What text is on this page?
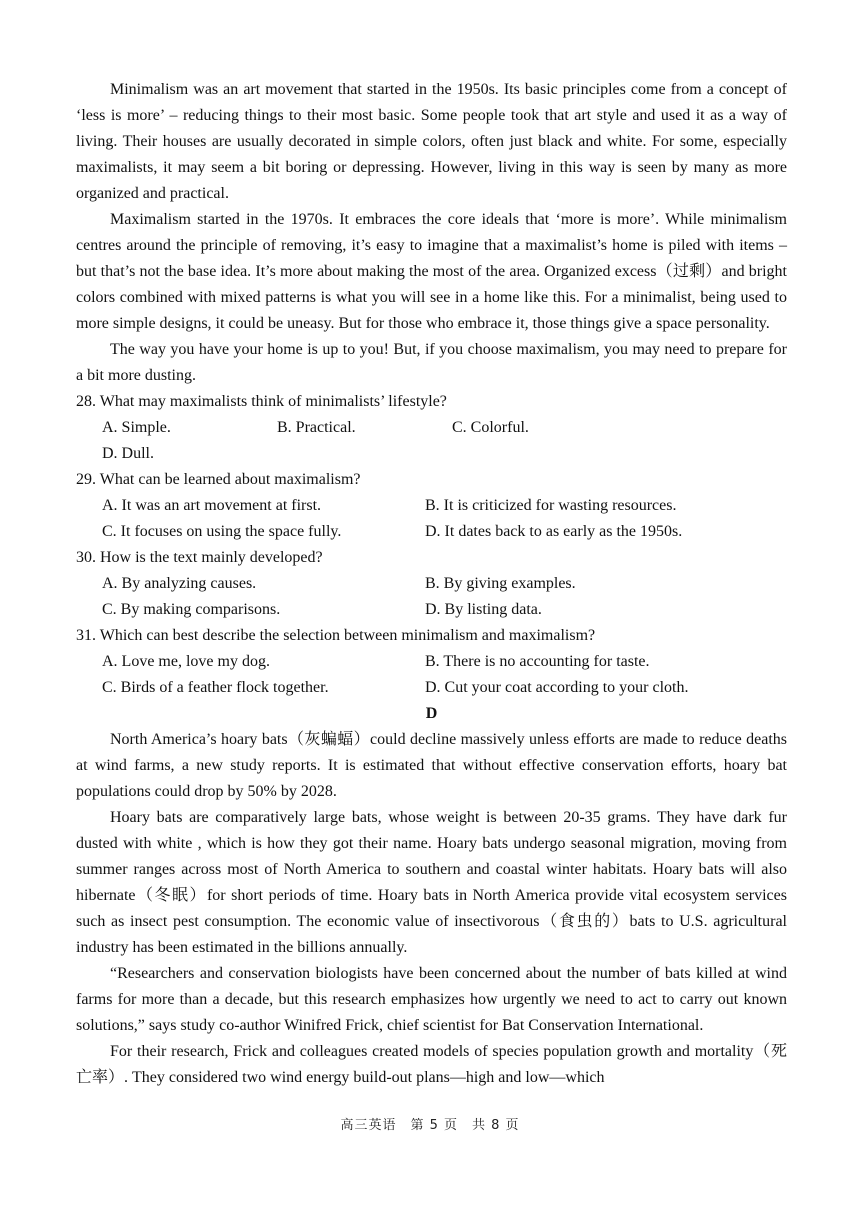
Minimalism was an art movement that started in the 1950s. Its basic principles come from a concept of ‘less is more’ – reducing things to their most basic. Some people took that art style and used it as a way of living. Their houses are usually decorated in simple colors, often just black and white. For some, especially maximalists, it may seem a bit boring or depressing. However, living in this way is seen by many as more organized and practical.

Maximalism started in the 1970s. It embraces the core ideals that ‘more is more’. While minimalism centres around the principle of removing, it’s easy to imagine that a maximalist’s home is piled with items – but that’s not the base idea. It’s more about making the most of the area. Organized excess（过剩）and bright colors combined with mixed patterns is what you will see in a home like this. For a minimalist, being used to more simple designs, it could be uneasy. But for those who embrace it, those things give a space personality.

The way you have your home is up to you! But, if you choose maximalism, you may need to prepare for a bit more dusting.

28. What may maximalists think of minimalists’ lifestyle?

A. Simple.	B. Practical.	C. Colorful.
D. Dull.

29. What can be learned about maximalism?

A. It was an art movement at first.	B. It is criticized for wasting resources.
C. It focuses on using the space fully.	D. It dates back to as early as the 1950s.

30. How is the text mainly developed?

A. By analyzing causes.	B. By giving examples.
C. By making comparisons.	D. By listing data.

31. Which can best describe the selection between minimalism and maximalism?

A. Love me, love my dog.	B. There is no accounting for taste.
C. Birds of a feather flock together.	D. Cut your coat according to your cloth.

D

North America’s hoary bats（灰蝙蝠）could decline massively unless efforts are made to reduce deaths at wind farms, a new study reports. It is estimated that without effective conservation efforts, hoary bat populations could drop by 50% by 2028.

Hoary bats are comparatively large bats, whose weight is between 20-35 grams. They have dark fur dusted with white , which is how they got their name. Hoary bats undergo seasonal migration, moving from summer ranges across most of North America to southern and coastal winter habitats. Hoary bats will also hibernate（冬眠）for short periods of time. Hoary bats in North America provide vital ecosystem services such as insect pest consumption. The economic value of insectivorous（食虫的）bats to U.S. agricultural industry has been estimated in the billions annually.

“Researchers and conservation biologists have been concerned about the number of bats killed at wind farms for more than a decade, but this research emphasizes how urgently we need to act to carry out known solutions,” says study co-author Winifred Frick, chief scientist for Bat Conservation International.

For their research, Frick and colleagues created models of species population growth and mortality（死亡率）. They considered two wind energy build-out plans—high and low—which

高三英语　第 5 页　共 8 页
